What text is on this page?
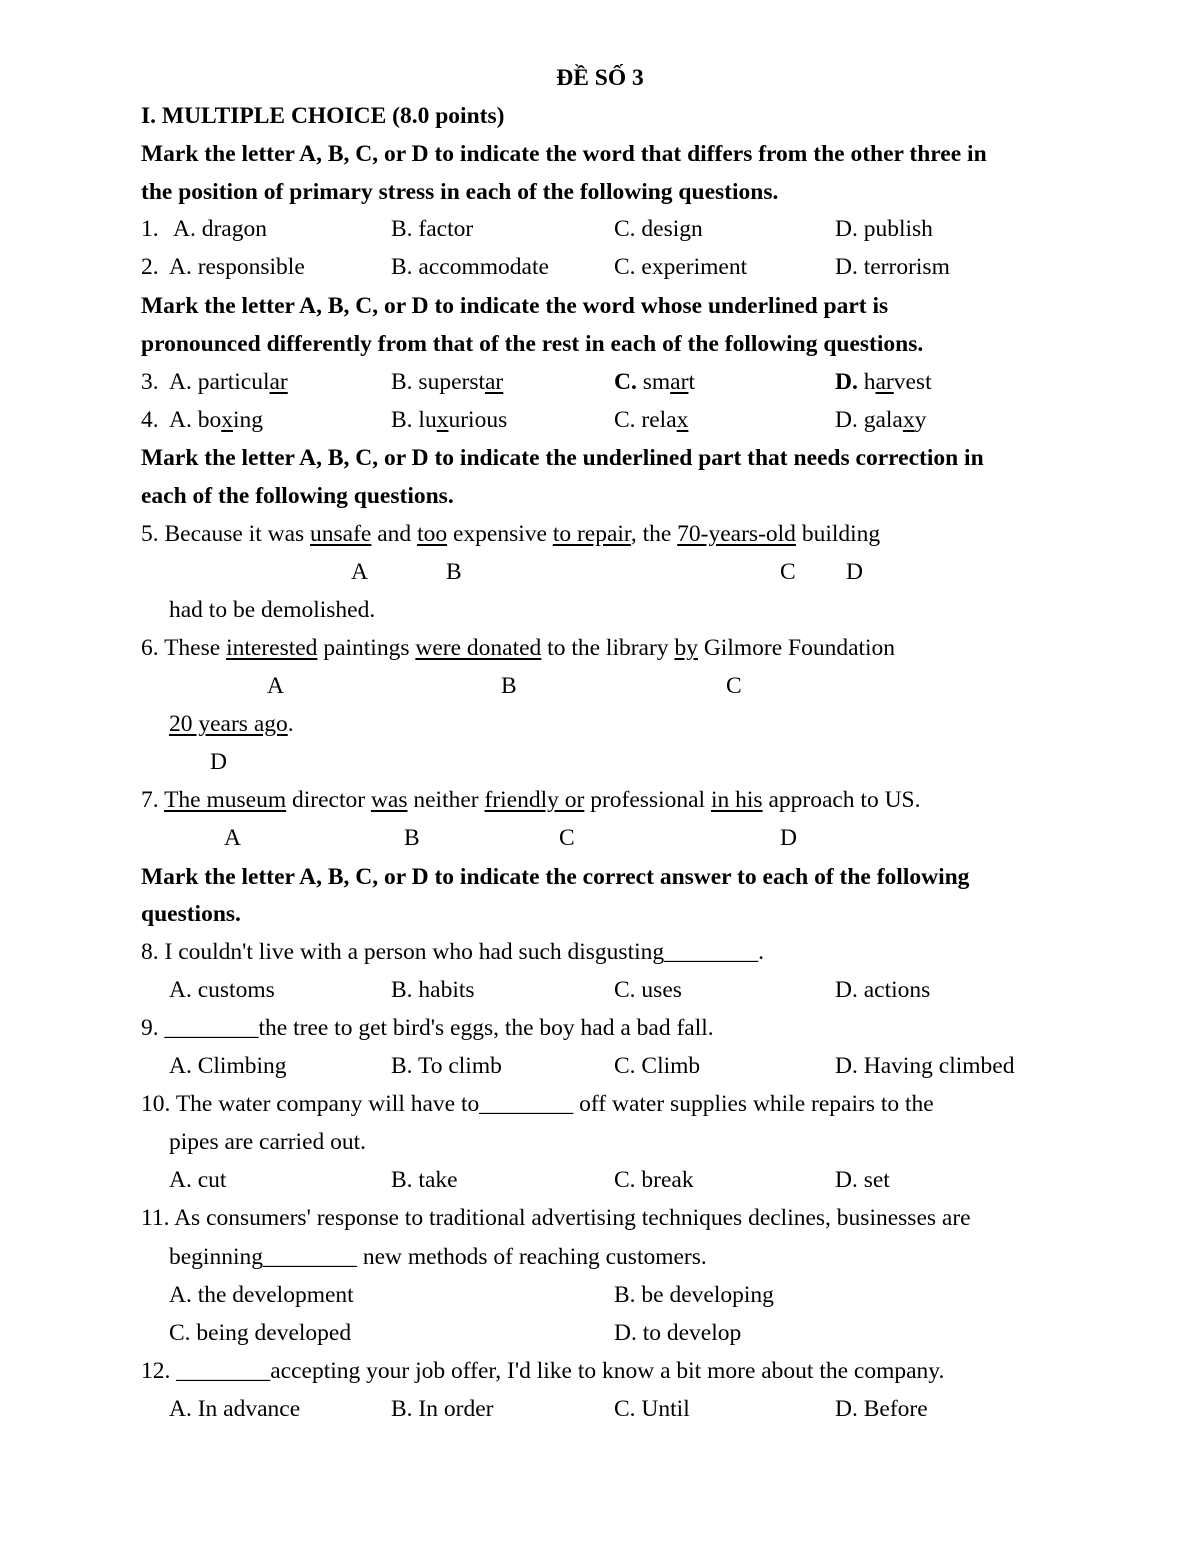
ĐỀ SỐ 3
I. MULTIPLE CHOICE (8.0 points)
Mark the letter A, B, C, or D to indicate the word that differs from the other three in
the position of primary stress in each of the following questions.
1. A. dragon	B. factor	C. design	D. publish
2. A. responsible	B. accommodate	C. experiment	D. terrorism
Mark the letter A, B, C, or D to indicate the word whose underlined part is
pronounced differently from that of the rest in each of the following questions.
3. A. particular	B. superstar	C. smart	D. harvest
4. A. boxing	B. luxurious	C. relax	D. galaxy
Mark the letter A, B, C, or D to indicate the underlined part that needs correction in
each of the following questions.
5. Because it was unsafe and too expensive to repair, the 70-years-old building
A	B	C D
had to be demolished.
6. These interested paintings were donated to the library by Gilmore Foundation
A	B	C
20 years ago.
D
7. The museum director was neither friendly or professional in his approach to US.
A	B	C	D
Mark the letter A, B, C, or D to indicate the correct answer to each of the following
questions.
8. I couldn't live with a person who had such disgusting________.
A. customs	B. habits	C. uses	D. actions
9. ________the tree to get bird's eggs, the boy had a bad fall.
A. Climbing	B. To climb	C. Climb	D. Having climbed
10. The water company will have to________ off water supplies while repairs to the
pipes are carried out.
A. cut	B. take	C. break	D. set
11. As consumers' response to traditional advertising techniques declines, businesses are
beginning________ new methods of reaching customers.
A. the development	B. be developing
C. being developed	D. to develop
12. ________accepting your job offer, I'd like to know a bit more about the company.
A. In advance	B. In order	C. Until	D. Before
